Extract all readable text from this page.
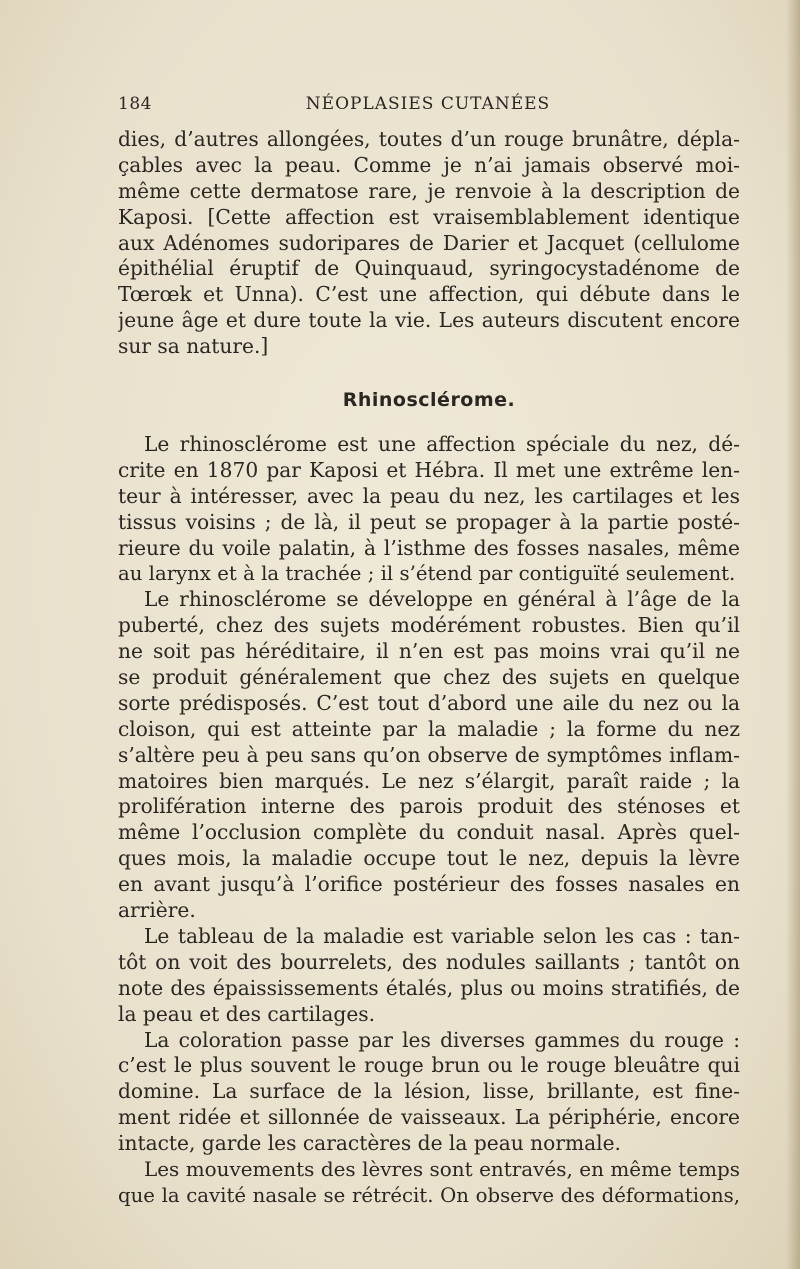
184	NÉOPLASIES CUTANÉES
dies, d’autres allongées, toutes d’un rouge brunâtre, dépla-
çables avec la peau. Comme je n’ai jamais observé moi-
même cette dermatose rare, je renvoie à la description de
Kaposi. [Cette affection est vraisemblablement identique
aux Adénomes sudoripares de Darier et Jacquet (cellulome
épithélial éruptif de Quinquaud, syringocystadénome de
Tœrœk et Unna). C’est une affection, qui débute dans le
jeune âge et dure toute la vie. Les auteurs discutent encore
sur sa nature.]
Rhinosclérome.
Le rhinosclérome est une affection spéciale du nez, dé-
crite en 1870 par Kaposi et Hébra. Il met une extrême len-
teur à intéresser, avec la peau du nez, les cartilages et les
tissus voisins ; de là, il peut se propager à la partie posté-
rieure du voile palatin, à l’isthme des fosses nasales, même
au larynx et à la trachée ; il s’étend par contiguïté seulement.
Le rhinosclérome se développe en général à l’âge de la
puberté, chez des sujets modérément robustes. Bien qu’il
ne soit pas héréditaire, il n’en est pas moins vrai qu’il ne
se produit généralement que chez des sujets en quelque
sorte prédisposés. C’est tout d’abord une aile du nez ou la
cloison, qui est atteinte par la maladie ; la forme du nez
s’altère peu à peu sans qu’on observe de symptômes inflam-
matoires bien marqués. Le nez s’élargit, paraît raide ; la
prolifération interne des parois produit des sténoses et
même l’occlusion complète du conduit nasal. Après quel-
ques mois, la maladie occupe tout le nez, depuis la lèvre
en avant jusqu’à l’orifice postérieur des fosses nasales en
arrière.
Le tableau de la maladie est variable selon les cas : tan-
tôt on voit des bourrelets, des nodules saillants ; tantôt on
note des épaississements étalés, plus ou moins stratifiés, de
la peau et des cartilages.
La coloration passe par les diverses gammes du rouge :
c’est le plus souvent le rouge brun ou le rouge bleuâtre qui
domine. La surface de la lésion, lisse, brillante, est fine-
ment ridée et sillonnée de vaisseaux. La périphérie, encore
intacte, garde les caractères de la peau normale.
Les mouvements des lèvres sont entravés, en même temps
que la cavité nasale se rétrécit. On observe des déformations,
